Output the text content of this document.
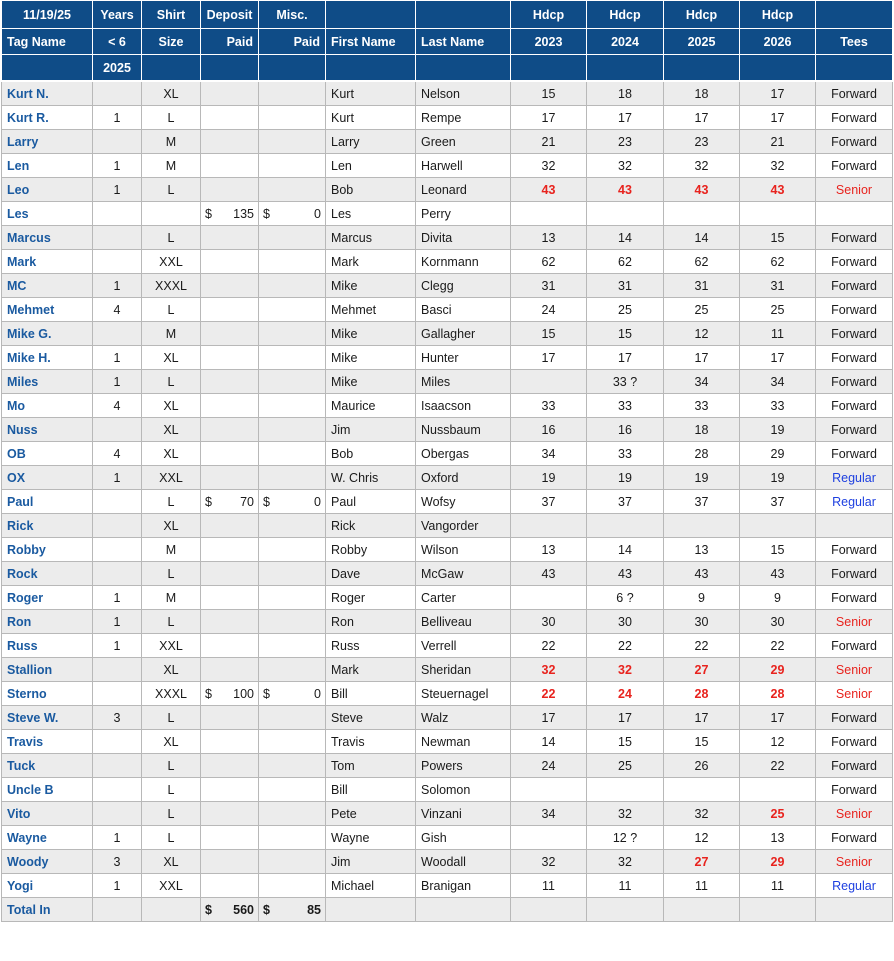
11/19/25	Years	Shirt	Deposit	Misc.			Hdcp	Hdcp	Hdcp	Hdcp	
Tag Name	< 6	Size	Paid	Paid	First Name	Last Name	2023	2024	2025	2026	Tees
	2025										
Kurt N.		XL			Kurt	Nelson	15	18	18	17	Forward
Kurt R.	1	L			Kurt	Rempe	17	17	17	17	Forward
Larry		M			Larry	Green	21	23	23	21	Forward
Len	1	M			Len	Harwell	32	32	32	32	Forward
Leo	1	L			Bob	Leonard	43	43	43	43	Senior
Les			$ 135	$ 0	Les	Perry					
Marcus		L			Marcus	Divita	13	14	14	15	Forward
Mark		XXL			Mark	Kornmann	62	62	62	62	Forward
MC	1	XXXL			Mike	Clegg	31	31	31	31	Forward
Mehmet	4	L			Mehmet	Basci	24	25	25	25	Forward
Mike G.		M			Mike	Gallagher	15	15	12	11	Forward
Mike H.	1	XL			Mike	Hunter	17	17	17	17	Forward
Miles	1	L			Mike	Miles		33 ?	34	34	Forward
Mo	4	XL			Maurice	Isaacson	33	33	33	33	Forward
Nuss		XL			Jim	Nussbaum	16	16	18	19	Forward
OB	4	XL			Bob	Obergas	34	33	28	29	Forward
OX	1	XXL			W. Chris	Oxford	19	19	19	19	Regular
Paul		L	$ 70	$ 0	Paul	Wofsy	37	37	37	37	Regular
Rick		XL			Rick	Vangorder					
Robby		M			Robby	Wilson	13	14	13	15	Forward
Rock		L			Dave	McGaw	43	43	43	43	Forward
Roger	1	M			Roger	Carter		6 ?	9	9	Forward
Ron	1	L			Ron	Belliveau	30	30	30	30	Senior
Russ	1	XXL			Russ	Verrell	22	22	22	22	Forward
Stallion		XL			Mark	Sheridan	32	32	27	29	Senior
Sterno		XXXL	$ 100	$ 0	Bill	Steuernagel	22	24	28	28	Senior
Steve W.	3	L			Steve	Walz	17	17	17	17	Forward
Travis		XL			Travis	Newman	14	15	15	12	Forward
Tuck		L			Tom	Powers	24	25	26	22	Forward
Uncle B		L			Bill	Solomon					Forward
Vito		L			Pete	Vinzani	34	32	32	25	Senior
Wayne	1	L			Wayne	Gish		12 ?	12	13	Forward
Woody	3	XL			Jim	Woodall	32	32	27	29	Senior
Yogi	1	XXL			Michael	Branigan	11	11	11	11	Regular
Total In			$ 560	$ 85							
